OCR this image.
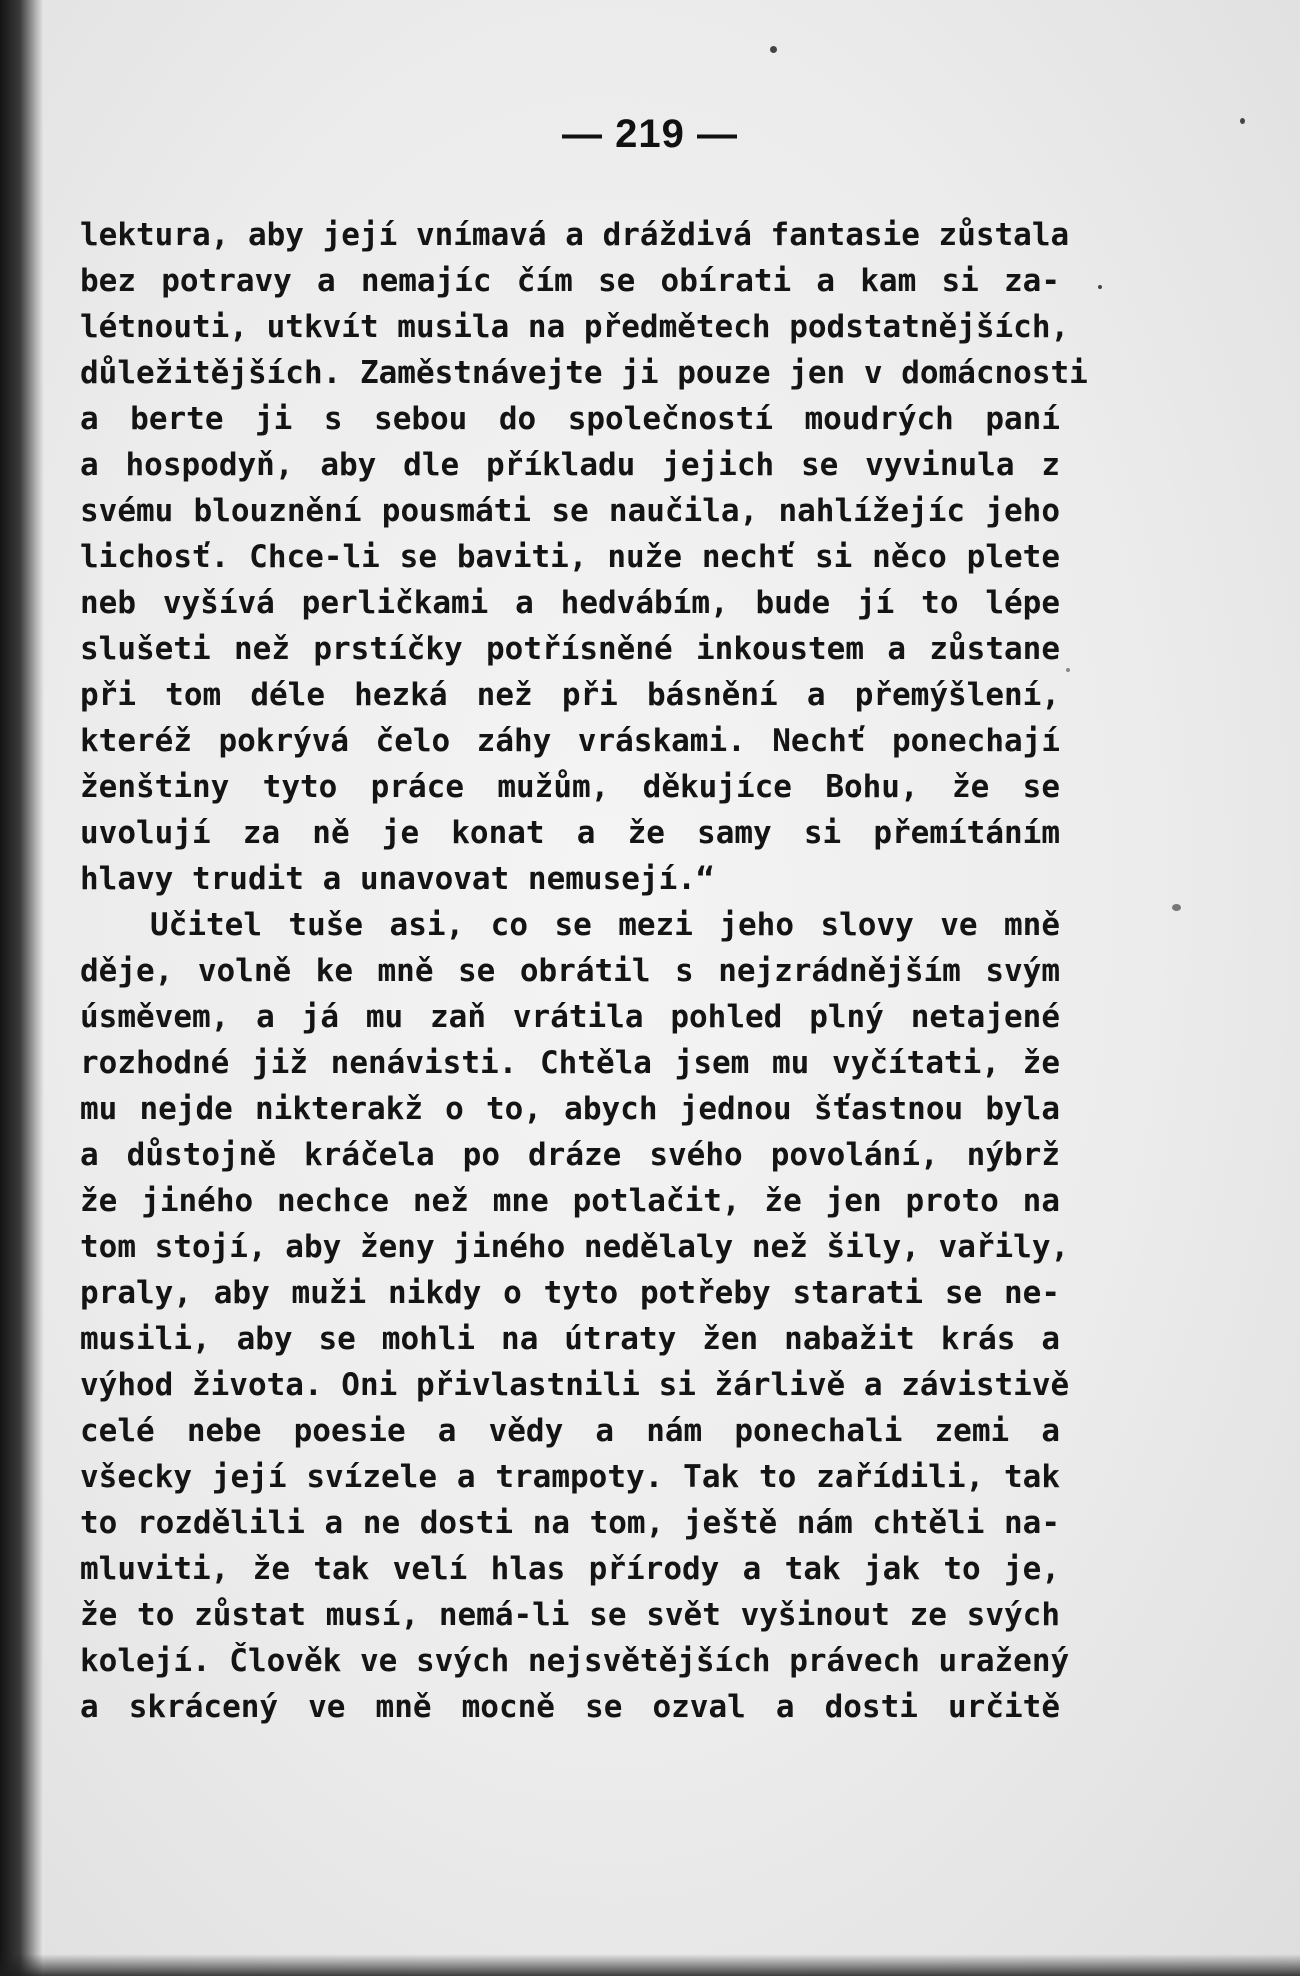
— 219 —
lektura, aby její vnímavá a dráždivá fantasie zůstala
bez potravy a nemajíc čím se obírati a kam si za-
létnouti, utkvít musila na předmětech podstatnějších,
důležitějších. Zaměstnávejte ji pouze jen v domácnosti
a berte ji s sebou do společností moudrých paní
a hospodyň, aby dle příkladu jejich se vyvinula z
svému blouznění pousmáti se naučila, nahlížejíc jeho
lichosť. Chce-li se baviti, nuže nechť si něco plete
neb vyšívá perličkami a hedvábím, bude jí to lépe
slušeti než prstíčky potřísněné inkoustem a zůstane
při tom déle hezká než při básnění a přemýšlení,
kteréž pokrývá čelo záhy vráskami. Nechť ponechají
ženštiny tyto práce mužům, děkujíce Bohu, že se
uvolují za ně je konat a že samy si přemítáním
hlavy trudit a unavovat nemusejí.“
Učitel tuše asi, co se mezi jeho slovy ve mně
děje, volně ke mně se obrátil s nejzrádnějším svým
úsměvem, a já mu zaň vrátila pohled plný netajené
rozhodné již nenávisti. Chtěla jsem mu vyčítati, že
mu nejde nikterakž o to, abych jednou šťastnou byla
a důstojně kráčela po dráze svého povolání, nýbrž
že jiného nechce než mne potlačit, že jen proto na
tom stojí, aby ženy jiného nedělaly než šily, vařily,
praly, aby muži nikdy o tyto potřeby starati se ne-
musili, aby se mohli na útraty žen nabažit krás a
výhod života. Oni přivlastnili si žárlivě a závistivě
celé nebe poesie a vědy a nám ponechali zemi a
všecky její svízele a trampoty. Tak to zařídili, tak
to rozdělili a ne dosti na tom, ještě nám chtěli na-
mluviti, že tak velí hlas přírody a tak jak to je,
že to zůstat musí, nemá-li se svět vyšinout ze svých
kolejí. Člověk ve svých nejsvětějších právech uražený
a skrácený ve mně mocně se ozval a dosti určitě
